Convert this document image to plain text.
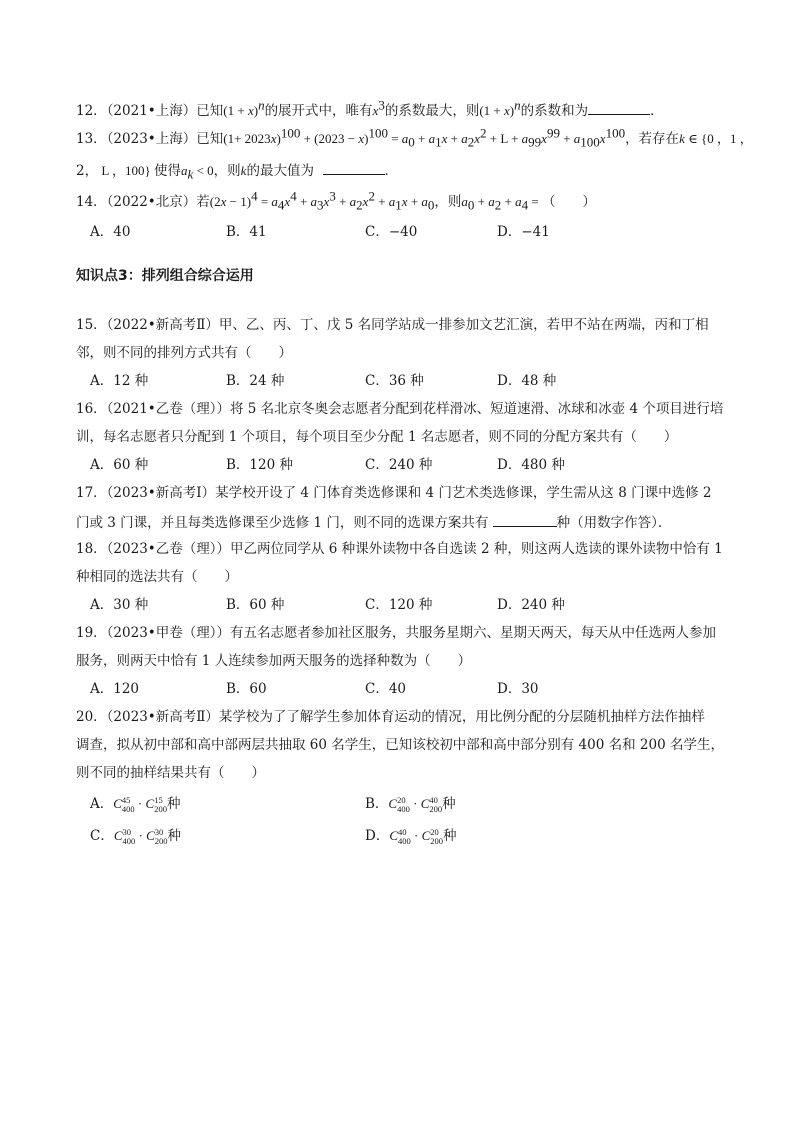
12．（2021•上海）已知$(1 + x)^n$的展开式中，唯有$x^3$的系数最大，则$(1 + x)^n$的系数和为	．
13．（2023•上海）已知$(1+ 2023x)^{100} + (2023 - x)^{100} = a_0 + a_1x + a_2x^2 + L + a_{99}x^{99} + a_{100}x^{100}$，若存在k ∈ {0 ，1 ，
2， L ，100} 使得$a_k < 0$，则k的最大值为	．
14．（2022•北京）若$(2x - 1)^4 = a_4x^4 + a_3x^3 + a_2x^2 + a_1x + a_0$，则$a_0 + a_2 + a_4$ = （　　）
A．40	B．41	C．−40	D．−41
知识点3：排列组合综合运用
15．（2022•新高考Ⅱ）甲、乙、丙、丁、戊 5 名同学站成一排参加文艺汇演，若甲不站在两端，丙和丁相
邻，则不同的排列方式共有（　　）
A．12 种	B．24 种	C．36 种	D．48 种
16．（2021•乙卷（理））将 5 名北京冬奥会志愿者分配到花样滑冰、短道速滑、冰球和冰壶 4 个项目进行培
训，每名志愿者只分配到 1 个项目，每个项目至少分配 1 名志愿者，则不同的分配方案共有（　　）
A．60 种	B．120 种	C．240 种	D．480 种
17．（2023•新高考Ⅰ）某学校开设了 4 门体育类选修课和 4 门艺术类选修课，学生需从这 8 门课中选修 2
门或 3 门课，并且每类选修课至少选修 1 门，则不同的选课方案共有	种（用数字作答）．
18．（2023•乙卷（理））甲乙两位同学从 6 种课外读物中各自选读 2 种，则这两人选读的课外读物中恰有 1
种相同的选法共有（　　）
A．30 种	B．60 种	C．120 种	D．240 种
19．（2023•甲卷（理））有五名志愿者参加社区服务，共服务星期六、星期天两天，每天从中任选两人参加
服务，则两天中恰有 1 人连续参加两天服务的选择种数为（　　）
A．120	B．60	C．40	D．30
20．（2023•新高考Ⅱ）某学校为了了解学生参加体育运动的情况，用比例分配的分层随机抽样方法作抽样
调查，拟从初中部和高中部两层共抽取 60 名学生，已知该校初中部和高中部分别有 400 名和 200 名学生，
则不同的抽样结果共有（　　）
A．C 45
400 · C 15
200 种	B．C 20
400 · C 40
200 种
C．C 30
400 · C 30
200 种	D．C 40
400 · C 20
200 种
